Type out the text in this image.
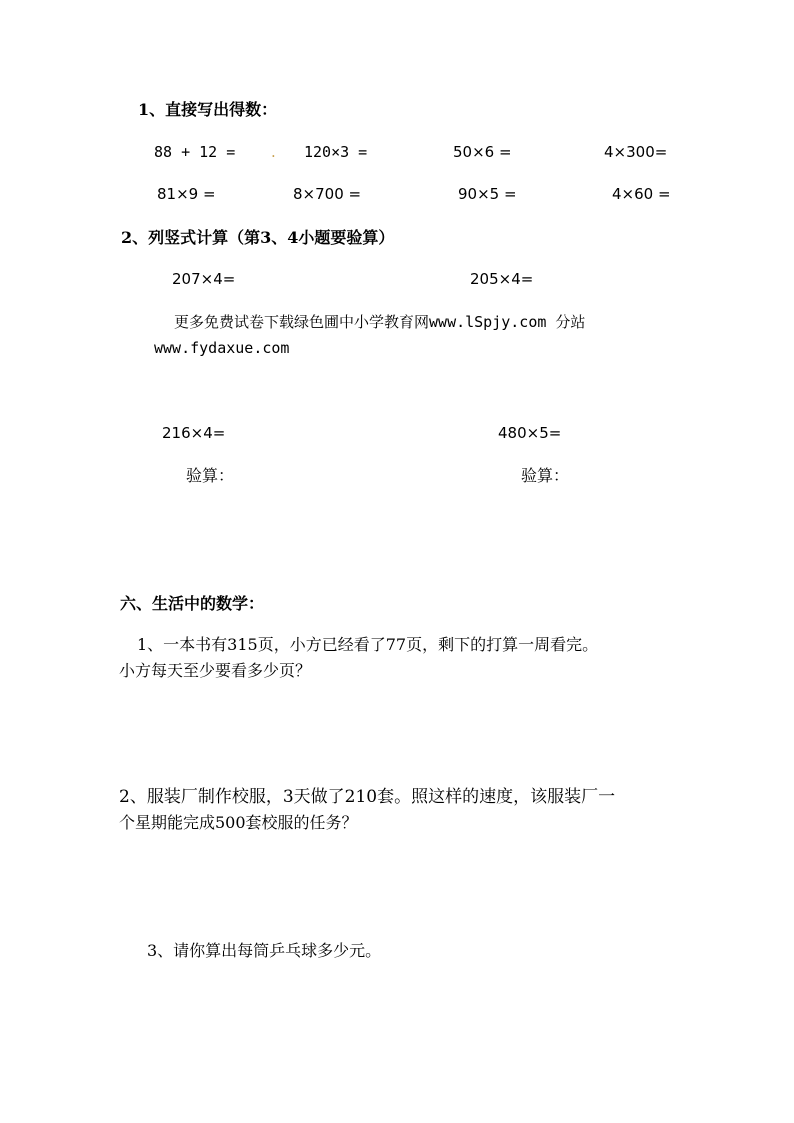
1、直接写出得数：
88 + 12 = . 120×3 =	50×6 =	4×300=
81×9 =	8×700 =	90×5 =	4×60 =
2、列竖式计算（第3、4小题要验算）
207×4=	205×4=
更多免费试卷下载绿色圃中小学教育网www.lSpjy.com 分站
www.fydaxue.com
216×4=	480×5=
验算：	验算：
六、生活中的数学：
1、一本书有315页，小方已经看了77页，剩下的打算一周看完。
小方每天至少要看多少页？
2、服装厂制作校服，3天做了210套。照这样的速度，该服装厂一
个星期能完成500套校服的任务？
3、请你算出每筒乒乓球多少元。
